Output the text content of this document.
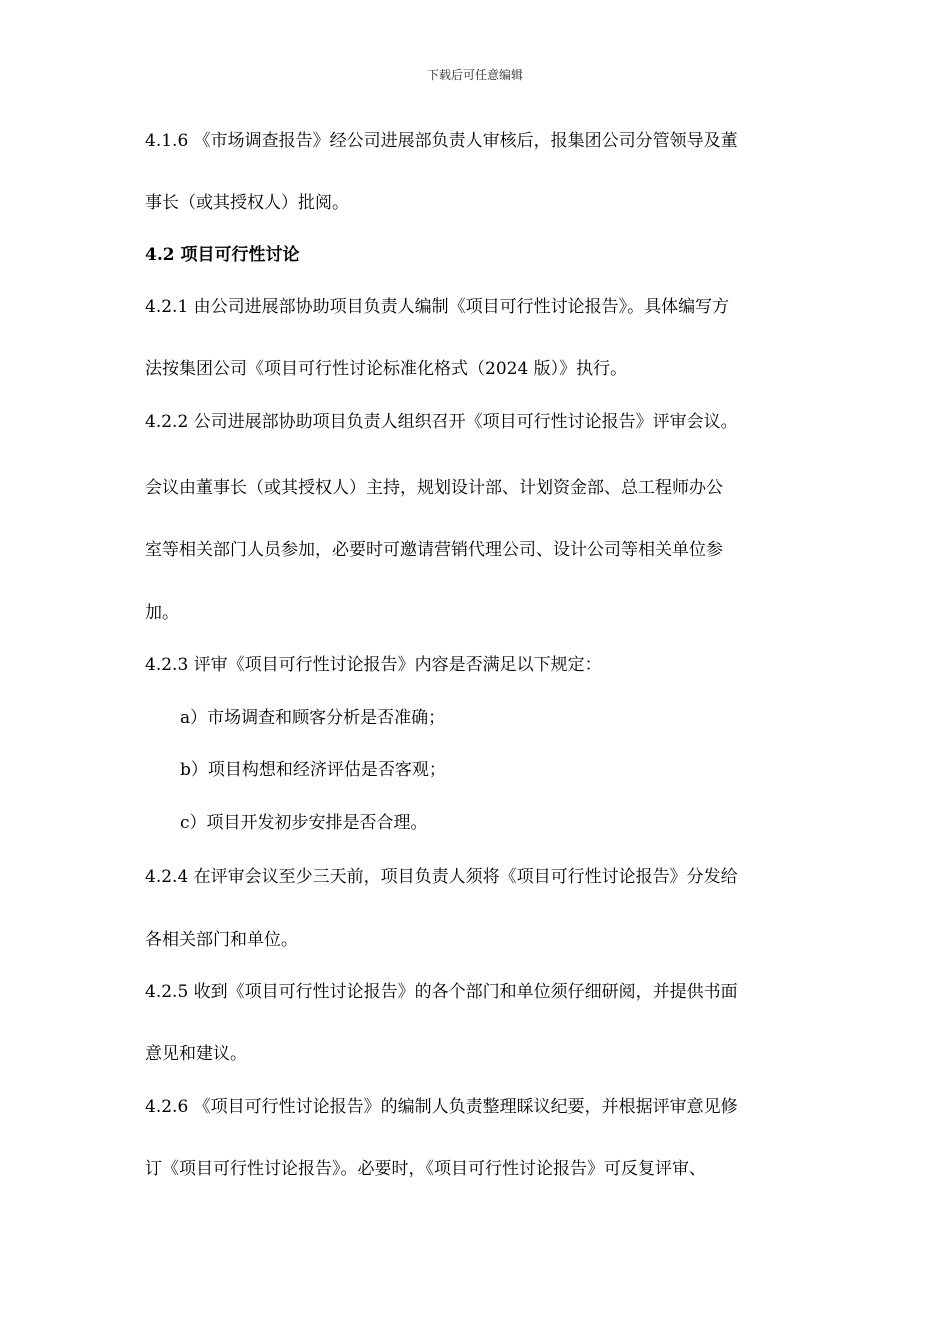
下载后可任意编辑
4.1.6 《市场调查报告》经公司进展部负责人审核后，报集团公司分管领导及董
事长（或其授权人）批阅。
4.2 项目可行性讨论
4.2.1 由公司进展部协助项目负责人编制《项目可行性讨论报告》。具体编写方
法按集团公司《项目可行性讨论标准化格式（2024 版）》执行。
4.2.2 公司进展部协助项目负责人组织召开《项目可行性讨论报告》评审会议。
会议由董事长（或其授权人）主持，规划设计部、计划资金部、总工程师办公
室等相关部门人员参加，必要时可邀请营销代理公司、设计公司等相关单位参
加。
4.2.3 评审《项目可行性讨论报告》内容是否满足以下规定：
a）市场调查和顾客分析是否准确；
b）项目构想和经济评估是否客观；
c）项目开发初步安排是否合理。
4.2.4 在评审会议至少三天前，项目负责人须将《项目可行性讨论报告》分发给
各相关部门和单位。
4.2.5 收到《项目可行性讨论报告》的各个部门和单位须仔细研阅，并提供书面
意见和建议。
4.2.6 《项目可行性讨论报告》的编制人负责整理睬议纪要，并根据评审意见修
订《项目可行性讨论报告》。必要时，《项目可行性讨论报告》可反复评审、
